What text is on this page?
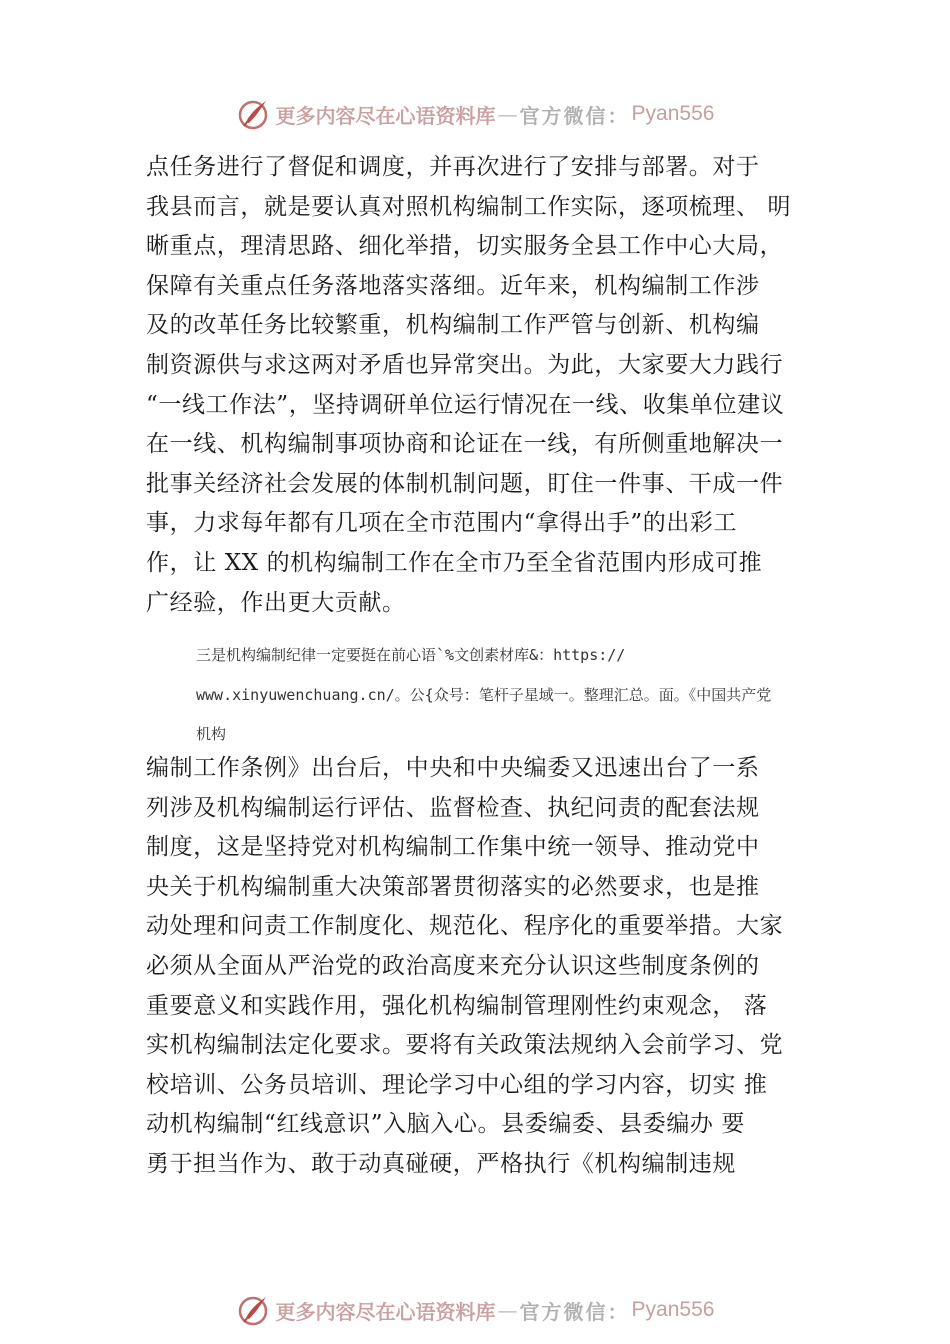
更多内容尽在心语资料库 — 官方微信： Pyan556
点任务进行了督促和调度，并再次进行了安排与部署。对于
我县而言，就是要认真对照机构编制工作实际，逐项梳理、 明
晰重点，理清思路、细化举措，切实服务全县工作中心大局，
保障有关重点任务落地落实落细。近年来，机构编制工作涉
及的改革任务比较繁重，机构编制工作严管与创新、机构编
制资源供与求这两对矛盾也异常突出。为此，大家要大力践行
“一线工作法”，坚持调研单位运行情况在一线、收集单位建议
在一线、机构编制事项协商和论证在一线，有所侧重地解决一
批事关经济社会发展的体制机制问题，盯住一件事、干成一件
事，力求每年都有几项在全市范围内“拿得出手”的出彩工
作，让 XX 的机构编制工作在全市乃至全省范围内形成可推
广经验，作出更大贡献。
三是机构编制纪律一定要挺在前心语`%文创素材库&：https://
www.xinyuwenchuang.cn/。公{众号：笔杆子星域一。整理汇总。面。《中国共产党
机构
编制工作条例》出台后，中央和中央编委又迅速出台了一系
列涉及机构编制运行评估、监督检查、执纪问责的配套法规
制度，这是坚持党对机构编制工作集中统一领导、推动党中
央关于机构编制重大决策部署贯彻落实的必然要求，也是推
动处理和问责工作制度化、规范化、程序化的重要举措。大家
必须从全面从严治党的政治高度来充分认识这些制度条例的
重要意义和实践作用，强化机构编制管理刚性约束观念， 落
实机构编制法定化要求。要将有关政策法规纳入会前学习、党
校培训、公务员培训、理论学习中心组的学习内容，切实 推
动机构编制“红线意识”入脑入心。县委编委、县委编办 要
勇于担当作为、敢于动真碰硬，严格执行《机构编制违规
更多内容尽在心语资料库 — 官方微信： Pyan556
